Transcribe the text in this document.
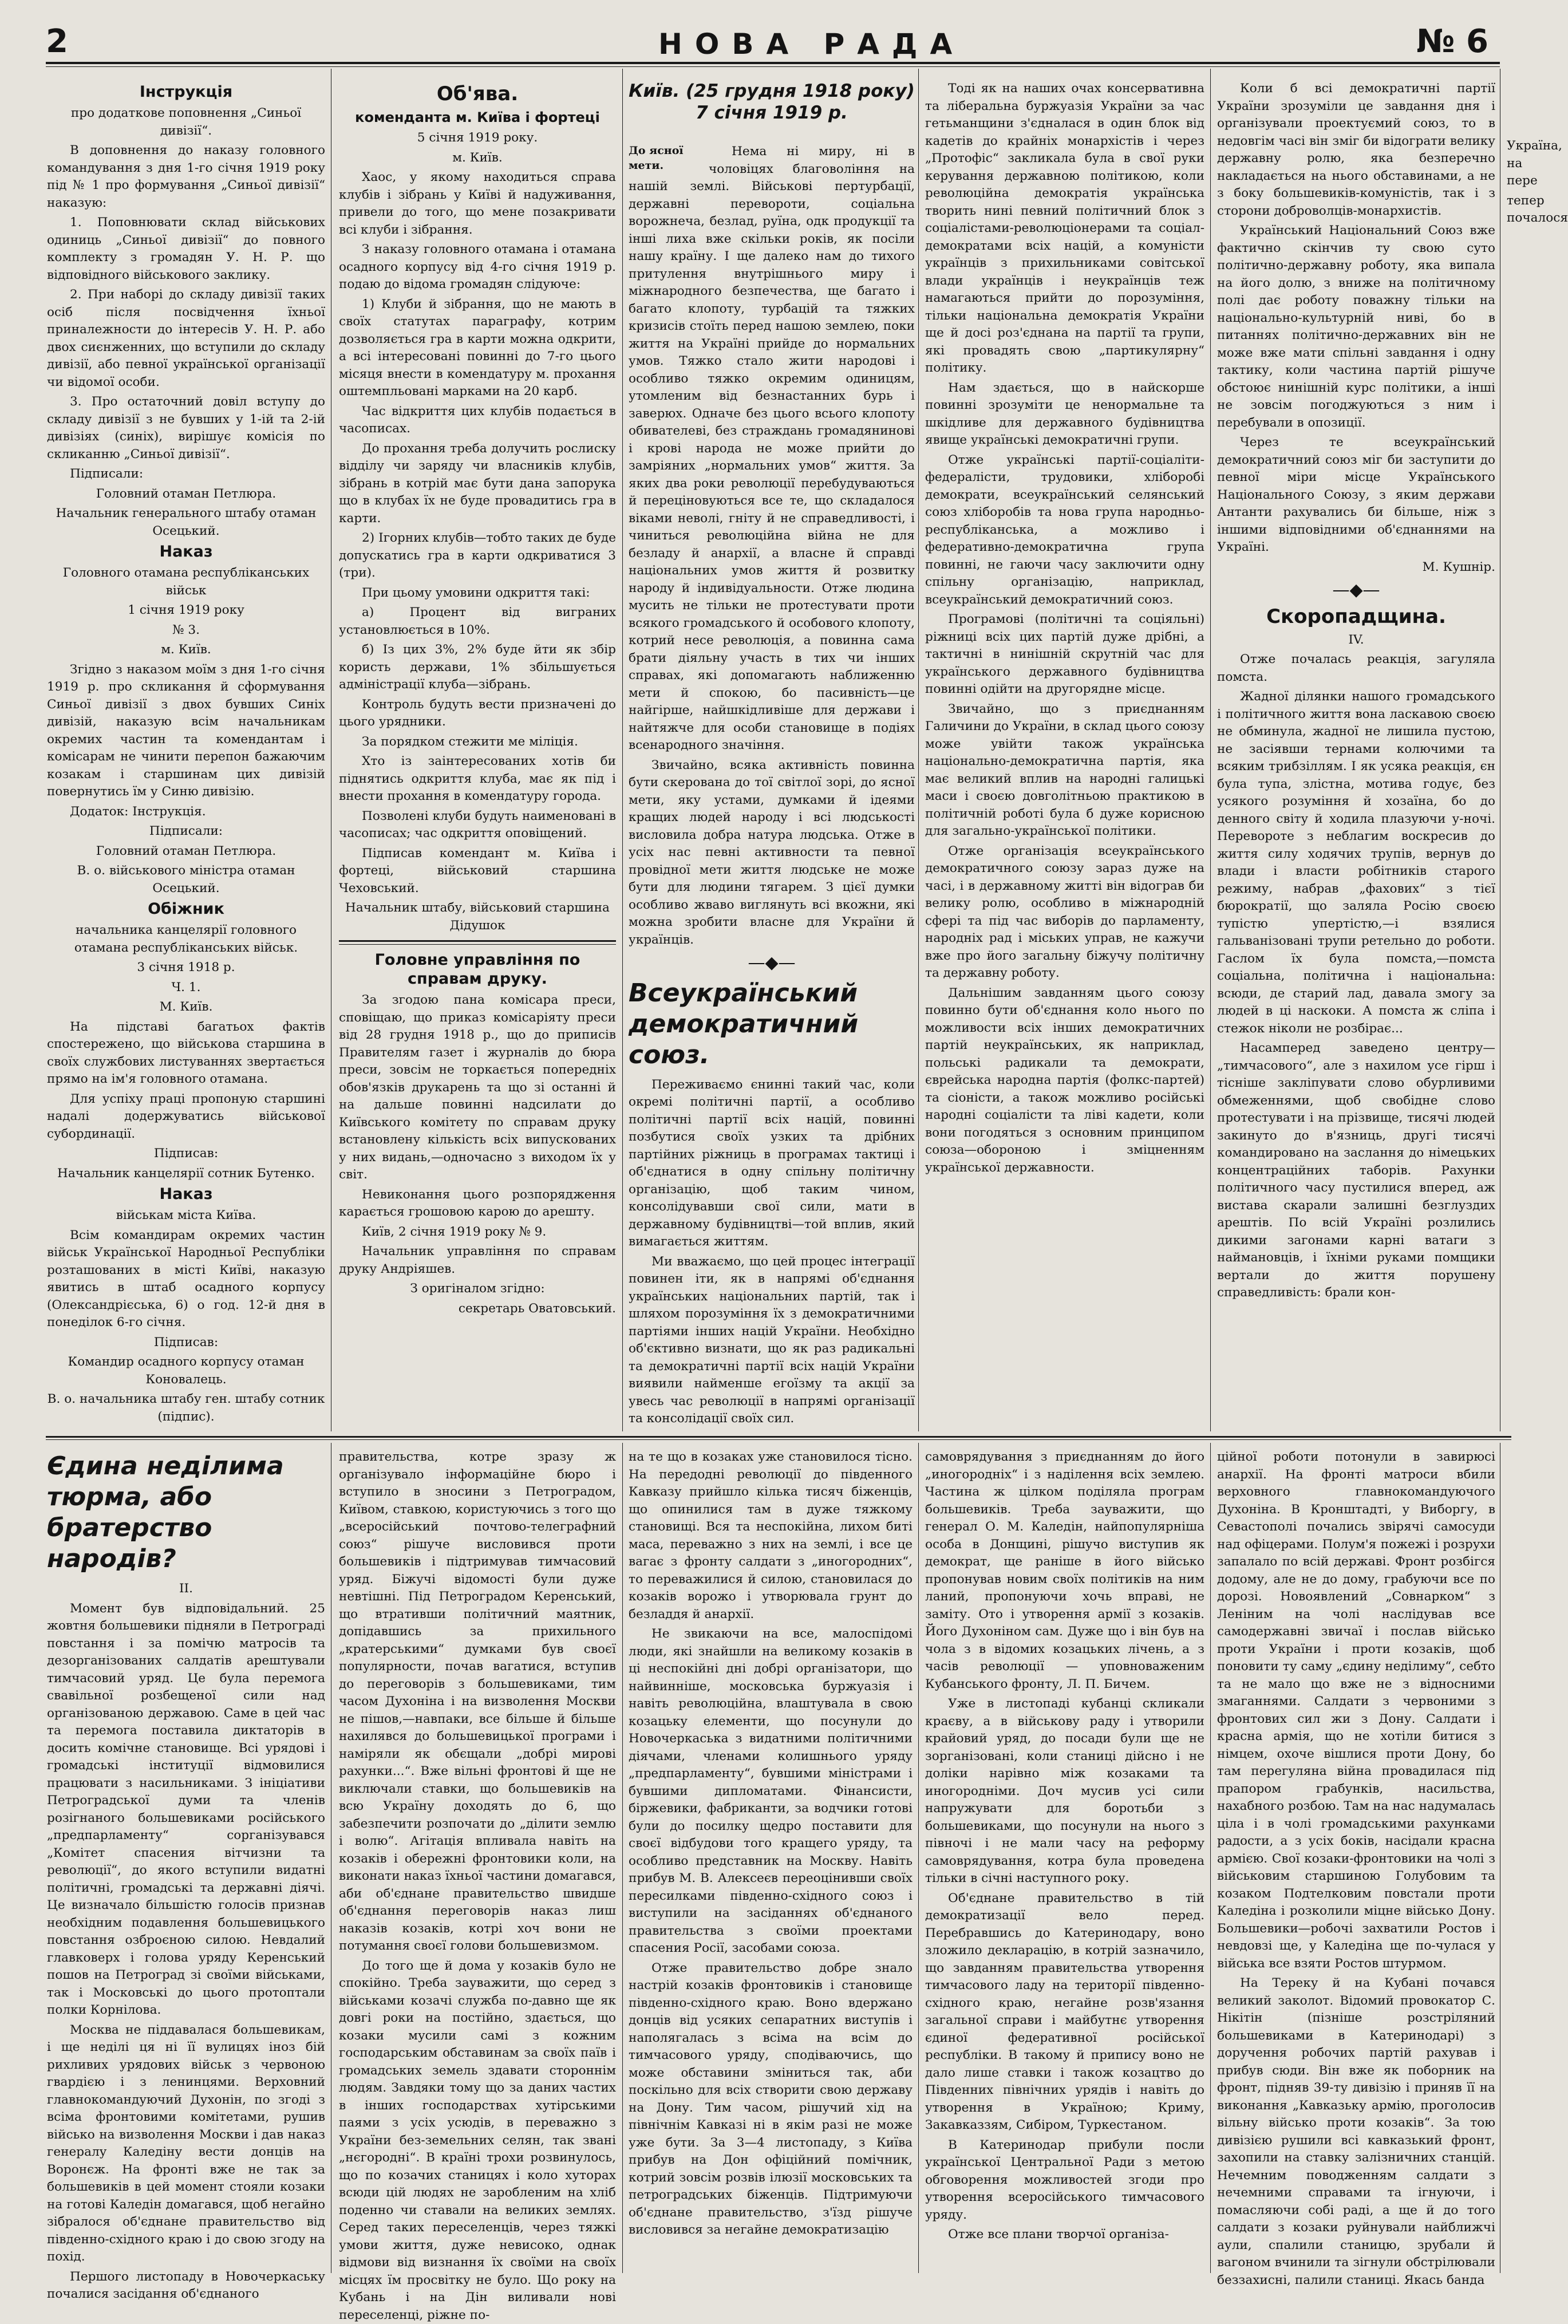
2	НОВА РАДА	№ 6
Інструкція

про додаткове поповнення „Синьої дивізії“.

В доповнення до наказу головного командування з дня 1-го січня 1919 року під № 1 про формування „Синьої дивізії“ наказую:

1. Поповнювати склад військових одиниць „Синьої дивізії“ до повного комплекту з громадян У. Н. Р. що відповідного військового заклику.

2. При наборі до складу дивізії таких осіб після посвідчення їхньої приналежности до інтересів У. Н. Р. або двох сиєнженних, що вступили до складу дивізії, або певної української організації чи відомої особи.

3. Про остаточний довіл вступу до складу дивізії з не бувших у 1-ій та 2-ій дивізіях (синіх), вирішує комісія по скликанню „Синьої дивізії“.

Підписали:

Головний отаман Петлюра.

Начальник генерального штабу отаман Осецький.

Наказ

Головного отамана республіканських військ

1 січня 1919 року

№ 3.

м. Київ.

Згідно з наказом моїм з дня 1-го січня 1919 р. про скликання й сформування Синьої дивізії з двох бувших Синіх дивізій, наказую всім начальникам окремих частин та комендантам і комісарам не чинити перепон бажаючим козакам і старшинам цих дивізій повернутись їм у Синю дивізію.

Додаток: Інструкція.

Підписали:

Головний отаман Петлюра.

В. о. військового міністра отаман Осецький.

Обіжник

начальника канцелярії головного отамана республіканських військ.

3 січня 1918 р.

Ч. 1.

М. Київ.

На підставі багатьох фактів спостережено, що військова старшина в своїх службових листуваннях звертається прямо на ім'я головного отамана.

Для успіху праці пропоную старшині надалі додержуватись військової субординації.

Підписав:

Начальник канцелярії сотник Бутенко.

Наказ

військам міста Київа.

Всім командирам окремих частин військ Української Народньої Республіки розташованих в місті Київі, наказую явитись в штаб осадного корпусу (Олександрієська, 6) о год. 12-й дня в понеділок 6-го січня.

Підписав:

Командир осадного корпусу отаман Коновалець.

В. о. начальника штабу ген. штабу сотник (підпис).

Об'ява.
коменданта м. Київа і фортеці

5 січня 1919 року.

м. Київ.

Хаос, у якому находиться справа клубів і зібрань у Київі й надуживання, привели до того, що мене позакривати всі клуби і зібрання.

З наказу головного отамана і отамана осадного корпусу від 4-го січня 1919 р. подаю до відома громадян слідуюче:

1) Клуби й зібрання, що не мають в своїх статутах параграфу, котрим дозволяється гра в карти можна одкрити, а всі інтересовані повинні до 7-го цього місяця внести в комендатуру м. прохання оштемпльовані марками на 20 карб.

Час відкриття цих клубів подається в часописах.

До прохання треба долучить рослиску відділу чи заряду чи власників клубів, зібрань в котрій має бути дана запорука що в клубах їх не буде провадитись гра в карти.

2) Ігорних клубів—тобто таких де буде допускатись гра в карти одкриватися 3 (три).

При цьому умовини одкриття такі:

а) Процент від виграних установлюється в 10%.

б) Із цих 3%, 2% буде йти як збір користь держави, 1% збільшується адміністрації клуба—зібрань.

Контроль будуть вести призначені до цього урядники.

За порядком стежити ме міліція.

Хто із заінтересованих хотів би піднятись одкриття клуба, має як під і внести прохання в комендатуру города.

Позволені клуби будуть наименовані в часописах; час одкриття оповіщений.

Підписав комендант м. Київа і фортеці, військовий старшина Чеховський.

Начальник штабу, військовий старшина Дідушок

Головне управління по справам друку.

За згодою пана комісара преси, сповіщаю, що приказ комісаріяту преси від 28 грудня 1918 р., що до приписів Правителям газет і журналів до бюра преси, зовсім не торкається попередніх обов'язків друкарень та що зі останні й на дальше повинні надсилати до Київського комітету по справам друку встановлену кількість всіх випускованих у них видань,—одночасно з виходом їх у світ.

Невиконання цього розпорядження карається грошовою карою до арешту.

Київ, 2 січня 1919 року № 9.

Начальник управління по справам друку Андріяшев.

З оригіналом згідно:

секретарь Оватовський.

Київ. (25 грудня 1918 року) 7 січня 1919 р.
До ясної мети.

Нема ні миру, ні в чоловіцях благовоління на нашій землі. Військові пертурбації, державні перевороти, соціальна ворожнеча, безлад, руїна, одк продукції та інші лиха вже скільки років, як посіли нашу країну. І ще далеко нам до тихого притулення внутрішнього миру і міжнародного безпечества, ще багато і багато клопоту, турбацій та тяжких кризисів стоїть перед нашою землею, поки життя на Україні прийде до нормальних умов. Тяжко стало жити народові і особливо тяжко окремим одиницям, утомленим від безнастанних бурь і заверюх. Одначе без цього всього клопоту обивателеві, без страждань громадянинові і крові народа не може прийти до замріяних „нормальних умов“ життя. За яких два роки революції перебудуваються й переціновуються все те, що складалося віками неволі, гніту й не справедливості, і чиниться революційна війна не для безладу й анархії, а власне й справді національних умов життя й розвитку народу й індивідуальности. Отже людина мусить не тільки не протестувати проти всякого громадського й особового клопоту, котрий несе революція, а повинна сама брати діяльну участь в тих чи інших справах, які допомагають наближенню мети й спокою, бо пасивність—це найгірше, найшкідливіше для держави і найтяжче для особи становище в подіях всенародного значіння.

Звичайно, всяка активність повинна бути скерована до тої світлої зорі, до ясної мети, яку устами, думками й ідеями кращих людей народу і всі людськості висловила добра натура людська. Отже в усіх нас певні активности та певної провідної мети життя людське не може бути для людини тягарем. З цієї думки особливо жваво виглянуть всі вкожни, які можна зробити власне для України й українців.

—◆—
Всеукраїнський демократичний союз.

Переживаємо єнинні такий час, коли окремі політичні партії, а особливо політичні партії всіх націй, повинні позбутися своїх узких та дрібних партійних ріжниць в програмах тактиці і об'єднатися в одну спільну політичну організацію, щоб таким чином, консолідувавши свої сили, мати в державному будівництві—той вплив, який вимагається життям.

Ми вважаємо, що цей процес інтеграції повинен іти, як в напрямі об'єднання українських національних партій, так і шляхом порозуміння їх з демократичними партіями інших націй України. Необхідно об'єктивно визнати, що як раз радикальні та демократичні партії всіх націй України виявили найменше егоїзму та акції за увесь час революції в напрямі організації та консолідації своїх сил.

Тоді як на наших очах консервативна та ліберальна буржуазія України за час гетьманщини з'єдналася в один блок від кадетів до крайніх монархістів і через „Протофіс“ закликала була в свої руки керування державною політикою, коли революційна демократія українська творить нині певний політичний блок з соціалістами-революціонерами та соціал-демократами всіх націй, а комуністи українців з прихильниками совітської влади українців і неукраїнців теж намагаються прийти до порозуміння, тільки національна демократія України ще й досі роз'єднана на партії та групи, які провадять свою „партикулярну“ політику.

Нам здається, що в найскорше повинні зрозуміти це ненормальне та шкідливе для державного будівництва явище українські демократичні групи.

Отже українські партії-соціаліти-федералісти, трудовики, хліборобі демократи, всеукраїнський селянський союз хліборобів та нова група народньо-республіканська, а можливо і федеративно-демократична група повинні, не гаючи часу заключити одну спільну організацію, наприклад, всеукраїнський демократичний союз.

Програмові (політичні та соціяльні) ріжниці всіх цих партій дуже дрібні, а тактичні в нинішній скрутній час для українського державного будівництва повинні одійти на другорядне місце.

Звичайно, що з приєднанням Галичини до України, в склад цього союзу може увійти також українська національно-демократична партія, яка має великий вплив на народні галицькі маси і своєю довголітньою практикою в політичній роботі була б дуже корисною для загально-української політики.

Отже організація всеукраїнського демократичного союзу зараз дуже на часі, і в державному житті він відограв би велику ролю, особливо в міжнародній сфері та під час виборів до парламенту, народніх рад і міських управ, не кажучи вже про його загальну біжучу політичну та державну роботу.

Дальнішим завданням цього союзу повинно бути об'єднання коло нього по можливости всіх інших демократичних партій неукраїнських, як наприклад, польські радикали та демократи, єврейська народна партія (фолкс-партей) та сіоністи, а також можливо російські народні соціалісти та ліві кадети, коли вони погодяться з основним принципом союза—обороною і зміцненням української державности.

Коли б всі демократичні партії України зрозуміли це завдання дня і організували проектуємий союз, то в недовгім часі він зміг би відограти велику державну ролю, яка безперечно накладається на нього обставинами, а не з боку большевиків-комуністів, так і з сторони доброволців-монархистів.

Український Національний Союз вже фактично скінчив ту свою суто політично-державну роботу, яка випала на його долю, з вниже на політичному полі дає роботу поважну тільки на національно-культурній ниві, бо в питаннях політично-державних він не може вже мати спільні завдання і одну тактику, коли частина партій рішуче обстоює нинішній курс політики, а інші не зовсім погоджуються з ним і перебували в опозиції.

Через те всеукраїнський демократичний союз міг би заступити до певної міри місце Українського Національного Союзу, з яким держави Антанти рахувались би більше, ніж з іншими відповідними об'єднаннями на Україні.

М. Кушнір.

—◆—
Скоропадщина.

IV.

Отже почалась реакція, загуляла помста.

Жадної ділянки нашого громадського і політичного життя вона ласкавою своєю не обминула, жадної не лишила пустою, не засіявши тернами колючими та всяким трибзіллям. І як усяка реакція, єн була тупа, злістна, мотива годує, без усякого розуміння й хозаїна, бо до денного світу й ходила плазуючи у-ночі. Перевороте з неблагим воскресив до життя силу ходячих трупів, вернув до влади і власти робітників старого режиму, набрав „фахових“ з тієї бюрократії, що заляла Росію своєю тупістю упертістю,—і взялися гальванізовані трупи ретельно до роботи. Гаслом їх була помста,—помста соціальна, політична і національна: всюди, де старий лад, давала змогу за людей в ці наскоки. А помста ж сліпа і стежок ніколи не розбірає...

Насамперед заведено центру—„тимчасового“, але з нахилом усе гірш і тісніше закліпувати слово обурливими обмеженнями, щоб свобідне слово протестувати і на прізвище, тисячі людей закинуто до в'язниць, другі тисячі командировано на заслання до німецьких концентраційних таборів. Рахунки політичного часу пустилися вперед, аж вистава скарали залишні безглуздих арештів. По всій Україні розлились дикими загонами карні ватаги з наймановців, і їхніми руками помщики вертали до життя порушену справедливість: брали кон-

Україна, на пере

тепер почалося

Єдина неділима тюрма, або братерство народів?

II.

Момент був відповідальний. 25 жовтня большевики підняли в Петрограді повстання і за помічю матросів та дезорганізованих салдатів арештували тимчасовий уряд. Це була перемога свавільної розбещеної сили над організованою державою. Саме в цей час та перемога поставила диктаторів в досить комічне становище. Всі урядові і громадські інституції відмовилися працювати з насильниками. З ініціативи Петроградської думи та членів розігнаного большевиками російського „предпарламенту“ сорганізувався „Комітет спасения вітчизни та революції“, до якого вступили видатні політичні, громадські та державні діячі. Це визначало більшістю голосів признав необхідним подавлення большевицького повстання озброєною силою. Невдалий главковерх і голова уряду Керенський пошов на Петроград зі своїми військами, так і Московськi до цього протоптали полки Корнілова.

Москва не піддавалася большевикам, і ще неділі ця ні її вулицях іноз бій рихливих урядових військ з червоною гвардією і з ленинцями. Верховний главнокомандуючий Духонін, по згоді з всіма фронтовими комітетами, рушив військо на визволення Москви і дав наказ генералу Каледіну вести донців на Воронєж. На фронті вже не так за большевиків в цей момент стояли козаки на готові Каледін домагався, щоб негайно зібралося об'єднане правительство від південно-східного краю і до свою згоду на похід.

Першого листопаду в Новочеркаську почалися засідання об'єднаного

правительства, котре зразу ж організувало інформаційне бюро і вступило в зносини з Петроградом, Київом, ставкою, користуючись з того що „всеросійський почтово-телеграфний союз“ рішуче висловився проти большевиків і підтримував тимчасовий уряд. Біжучі відомості були дуже невтішні. Під Петроградом Керенський, що втративши політичний маятник, допідавшись за прихильного „кратерськими“ думками був своєї популярности, почав вагатися, вступив до переговорів з большевиками, тим часом Духоніна і на визволення Москви не пішов,—навпаки, все більше й більше нахилявся до большевицької програми і наміряли як обєщали „добрі мирові рахунки...“. Вже вiльні фронтові й ще не виключали ставки, що большевиків на всю Україну доходять до 6, що забезпечити розпочати до „ділити землю і волю“. Агітація впливала навіть на козаків і обережні фронтовики коли, на виконати наказ їхньої частини домагався, аби об'єднане правительство швидше об'єднання переговорів наказ лиш наказів козаків, котрі хоч вони не потумання своєї голови большевизмом.

До того ще й дома у козаків було не спокійно. Треба зауважити, що серед з військами козачі служба по-давно ще як довгі роки на постійно, здається, що козаки мусили самі з кожним господарським обставинам за своїх паїв і громадських земель здавати стороннім людям. Завдяки тому що за даних частих в інших господарствах хутірськими паями з усіх усюдів, в переважно з України без-земельних селян, так звані „нєгородні“. В країні трохи розвинулось, що по козачих станицях і коло хуторах всюди цій людях не заробленим на хліб поденно чи ставали на великих землях. Серед таких переселенців, через тяжкі умови життя, дуже невисоко, однак відмови від визнання їх своїми на своїх місцях їм просвітку не було. Що року на Кубань і на Дін виливали нові переселенці, ріжне по-

на те що в козаках уже становилося тісно. На передодні революції до південного Кавказу прийшло кілька тисяч біженців, що опинилися там в дуже тяжкому становищі. Вся та неспокійна, лихом биті маса, переважно з них на землі, і все це вагає з фронту салдати з „иногородних“, то переважилися й силою, становилася до козаків ворожо і утворювала грунт до безладдя й анархії.

Не звикаючи на все, малоспідомі люди, які знайшли на великому козаків в ці неспокійні дні добрі організатори, що найвинніше, московська буржуазія і навіть революційна, влаштувала в свою козацьку елементи, що посунули до Новочеркаська з видатними політичними діячами, членами колишнього уряду „предпарламенту“, бувшими міністрами і бувшими дипломатами. Фінансисти, біржевики, фабриканти, за водчики готові були до посилку щедро поставити для своєї відбудови того кращего уряду, та особливо представник на Москву. Навіть прибув М. В. Алексеєв переоцінивши своїх пересилками південно-східного союз і виступили на засіданнях об'єднаного правительства з своїми проектами спасения Росії, засобами союза.

Отже правительство добре знало настрій козаків фронтовиків і становище південно-східного краю. Воно вдержано донців від усяких сепаратних виступів і наполягалась з всіма на всім до тимчасового уряду, сподіваючись, що може обставини зміниться так, аби поскільно для всіх створити свою державу на Дону. Тим часом, рішучий хід на північнім Кавказі ні в якім разі не може уже бути. За 3—4 листопаду, з Київа прибув на Дон офіційний помічник, котрий зовсім розвів ілюзії московських та петроградських біженців. Підтримуючи об'єднане правительство, з'їзд рішуче висловився за негайне демократизацію

самоврядування з приєднанням до його „иногородніх“ і з наділення всіх землею. Частина ж цілком поділяла програм большевиків. Треба зауважити, що генерал О. М. Каледін, найпопулярніша особа в Донщині, рішучо виступив як демократ, ще раніше в його військо пропонував новим своїх політиків на ним ланий, пропонуючи хочь вправі, не заміту. Ото і утворення армії з козаків. Його Духоніном сам. Дуже що і він був на чола з в відомих козацьких лічень, а з часів революції — уповноваженим Кубанського фронту, Л. П. Бичем.

Уже в листопаді кубанці скликали краєву, а в військову раду і утворили крайовий уряд, до посади були ще не зорганізовані, коли станиці дійсно і не доліки нарівно між козаками та иногородніми. Доч мусив усі сили напружувати для боротьби з большевиками, що посунули на нього з півночі і не мали часу на реформу самоврядування, котра була проведена тільки в січні наступного року.

Об'єднане правительство в тій демократизації вело перед. Перебравшись до Катеринодару, воно зложило декларацію, в котрій зазначило, що завданням правительства утворення тимчасового ладу на території південно-східного краю, негайне розв'язання загальної справи і майбутнє утворення єдиної федеративної російської республіки. В такому й припису воно не дало лише ставки і також козацтво до Південних північних урядів і навіть до утворення в Україною; Криму, Закавказзям, Сибіром, Туркестаном.

В Катеринодар прибули посли української Центральної Ради з метою обговорення можливостей згоди про утворення всеросійського тимчасового уряду.

Отже все плани творчої організа-

ційної роботи потонули в завирюсі анархії. На фронті матроси вбили верховного главнокомандуючого Духоніна. В Кронштадті, у Виборгу, в Севастополі почались звірячі самосуди над офіцерами. Полум'я пожежі і розрухи запалало по всій державі. Фронт розбігся додому, але не до дому, грабуючи все по дорозі. Новоявлений „Совнарком“ з Леніним на чолі наслідував все самодержавні звичаї і послав військо проти України і проти козаків, щоб поновити ту саму „єдину неділиму“, себто та не мало що вже не з відносними змаганнями. Салдати з червоними з фронтових сил жи з Дону. Салдати і красна армія, що не хотіли битися з німцем, охоче вішлися проти Дону, бо там перегуляна війна провадилася під прапором грабунків, насильства, нахабного розбою. Там на нас надумалась ціла і в чолі громадськими рахунками радости, а з усіх боків, насідали красна армією. Свої козаки-фронтовики на чолі з військовим старшиною Голубовим та козаком Подтелковим повстали проти Каледіна і розколили міцне військо Дону. Большевики—робочі захватили Ростов і невдовзі ще, у Каледіна ще по-чулася у війська все взяти Ростов штурмом.

На Тереку й на Кубані почався великий заколот. Відомий провокатор С. Нікітін (пізніше розстріляний большевиками в Катеринодарі) з доручення робочих партій рахував і прибув сюди. Він вже як поборник на фронт, підняв 39-ту дивізію і приняв її на виконання „Кавказьку армію, проголосив вільну військо проти козаків“. За тою дивізією рушили всі кавказький фронт, захопили на ставку залізничних станцій. Нечемним поводженням салдати з нечемними справами та ігнуючи, і помасляючи собі раді, а ще й до того салдати з козаки руйнували найближчі аули, спалили станицю, зрубали й вагоном вчинили та зігнули обстрілювали беззахисні, палили станиці. Якась банда
